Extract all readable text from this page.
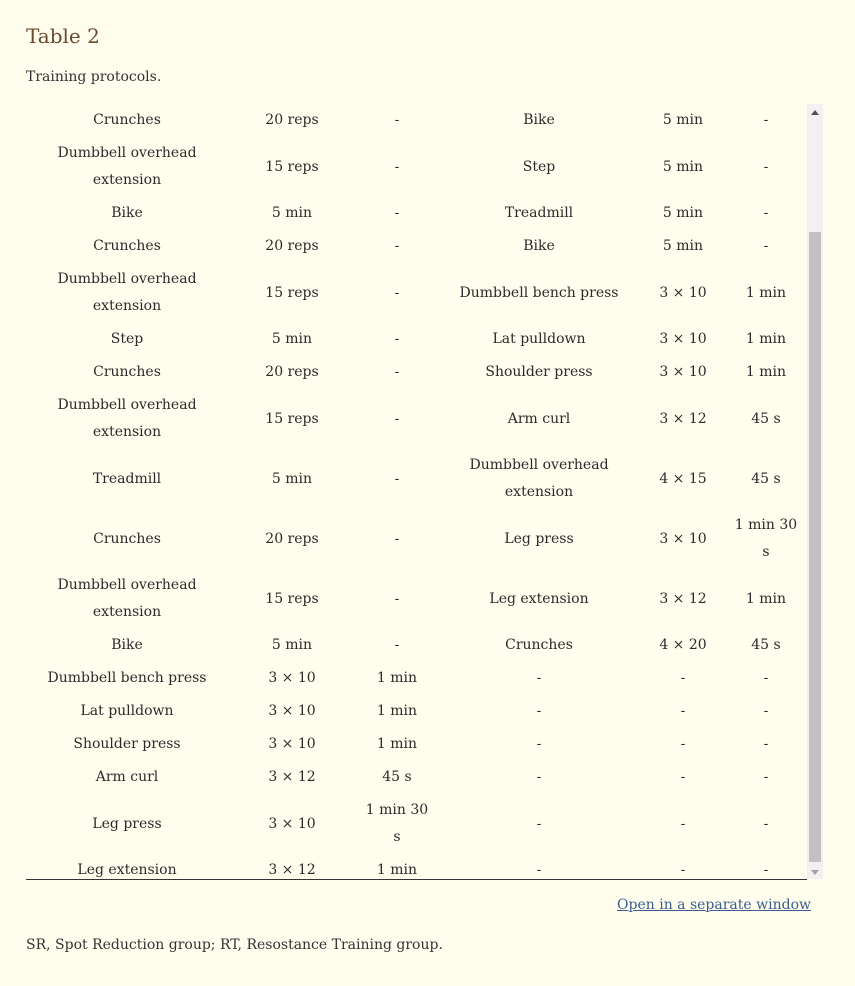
Table 2
Training protocols.
Crunches	20 reps	-	Bike	5 min	-
Dumbbell overhead extension	15 reps	-	Step	5 min	-
Bike	5 min	-	Treadmill	5 min	-
Crunches	20 reps	-	Bike	5 min	-
Dumbbell overhead extension	15 reps	-	Dumbbell bench press	3 × 10	1 min
Step	5 min	-	Lat pulldown	3 × 10	1 min
Crunches	20 reps	-	Shoulder press	3 × 10	1 min
Dumbbell overhead extension	15 reps	-	Arm curl	3 × 12	45 s
Treadmill	5 min	-	Dumbbell overhead extension	4 × 15	45 s
Crunches	20 reps	-	Leg press	3 × 10	1 min 30 s
Dumbbell overhead extension	15 reps	-	Leg extension	3 × 12	1 min
Bike	5 min	-	Crunches	4 × 20	45 s
Dumbbell bench press	3 × 10	1 min	-	-	-
Lat pulldown	3 × 10	1 min	-	-	-
Shoulder press	3 × 10	1 min	-	-	-
Arm curl	3 × 12	45 s	-	-	-
Leg press	3 × 10	1 min 30 s	-	-	-
Leg extension	3 × 12	1 min	-	-	-
Open in a separate window
SR, Spot Reduction group; RT, Resostance Training group.
